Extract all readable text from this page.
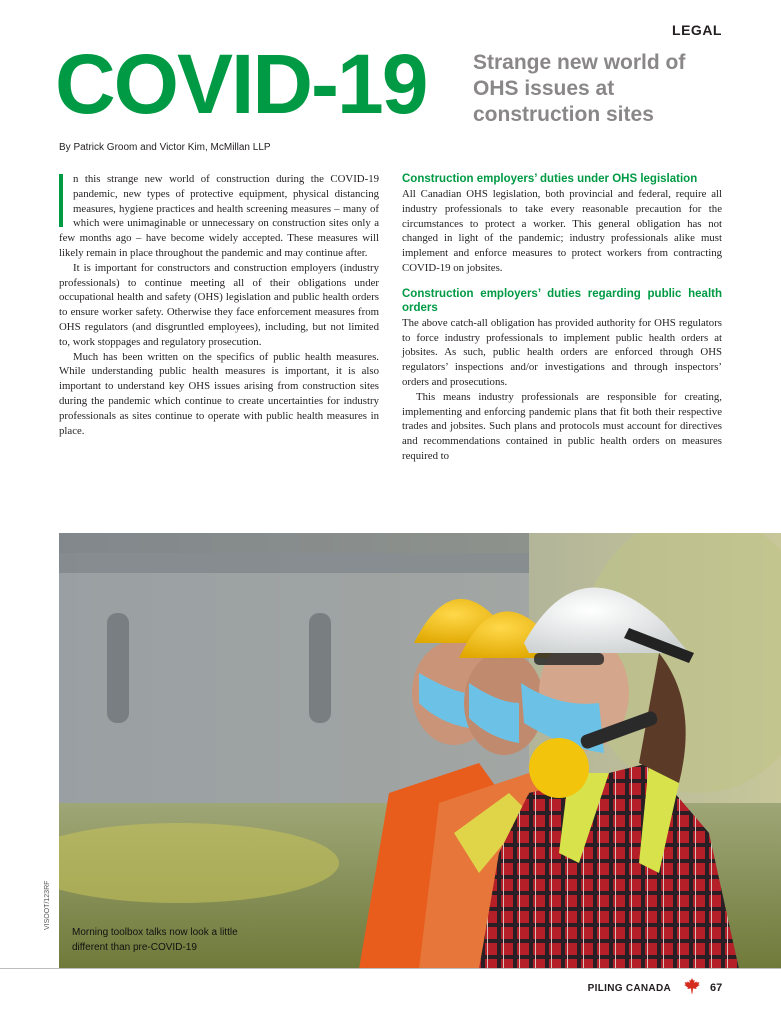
LEGAL
COVID-19 Strange new world of OHS issues at construction sites
By Patrick Groom and Victor Kim, McMillan LLP

n this strange new world of construction during the COVID-19 pandemic, new types of protective equipment, physical distancing measures, hygiene practices and health screening measures – many of which were unimaginable or unnecessary on construction sites only a few months ago – have become widely accepted. These measures will likely remain in place throughout the pandemic and may continue after.

It is important for constructors and construction employers (industry professionals) to continue meeting all of their obligations under occupational health and safety (OHS) legislation and public health orders to ensure worker safety. Otherwise they face enforcement measures from OHS regulators (and disgruntled employees), including, but not limited to, work stoppages and regulatory prosecution.

Much has been written on the specifics of public health measures. While understanding public health measures is important, it is also important to understand key OHS issues arising from construction sites during the pandemic which continue to create uncertainties for industry professionals as sites continue to operate with public health measures in place.

Construction employers’ duties under OHS legislation

All Canadian OHS legislation, both provincial and federal, require all industry professionals to take every reasonable precaution for the circumstances to protect a worker. This general obligation has not changed in light of the pandemic; industry professionals alike must implement and enforce measures to protect workers from contracting COVID-19 on jobsites.

Construction employers’ duties regarding public health orders

The above catch-all obligation has provided authority for OHS regulators to force industry professionals to implement public health orders at jobsites. As such, public health orders are enforced through OHS regulators’ inspections and/or investigations and through inspectors’ orders and prosecutions.

This means industry professionals are responsible for creating, implementing and enforcing pandemic plans that fit both their respective trades and jobsites. Such plans and protocols must account for directives and recommendations contained in public health orders on measures required to

VISOOT/123RF
Morning toolbox talks now look a little different than pre-COVID-19
PILING CANADA	67
